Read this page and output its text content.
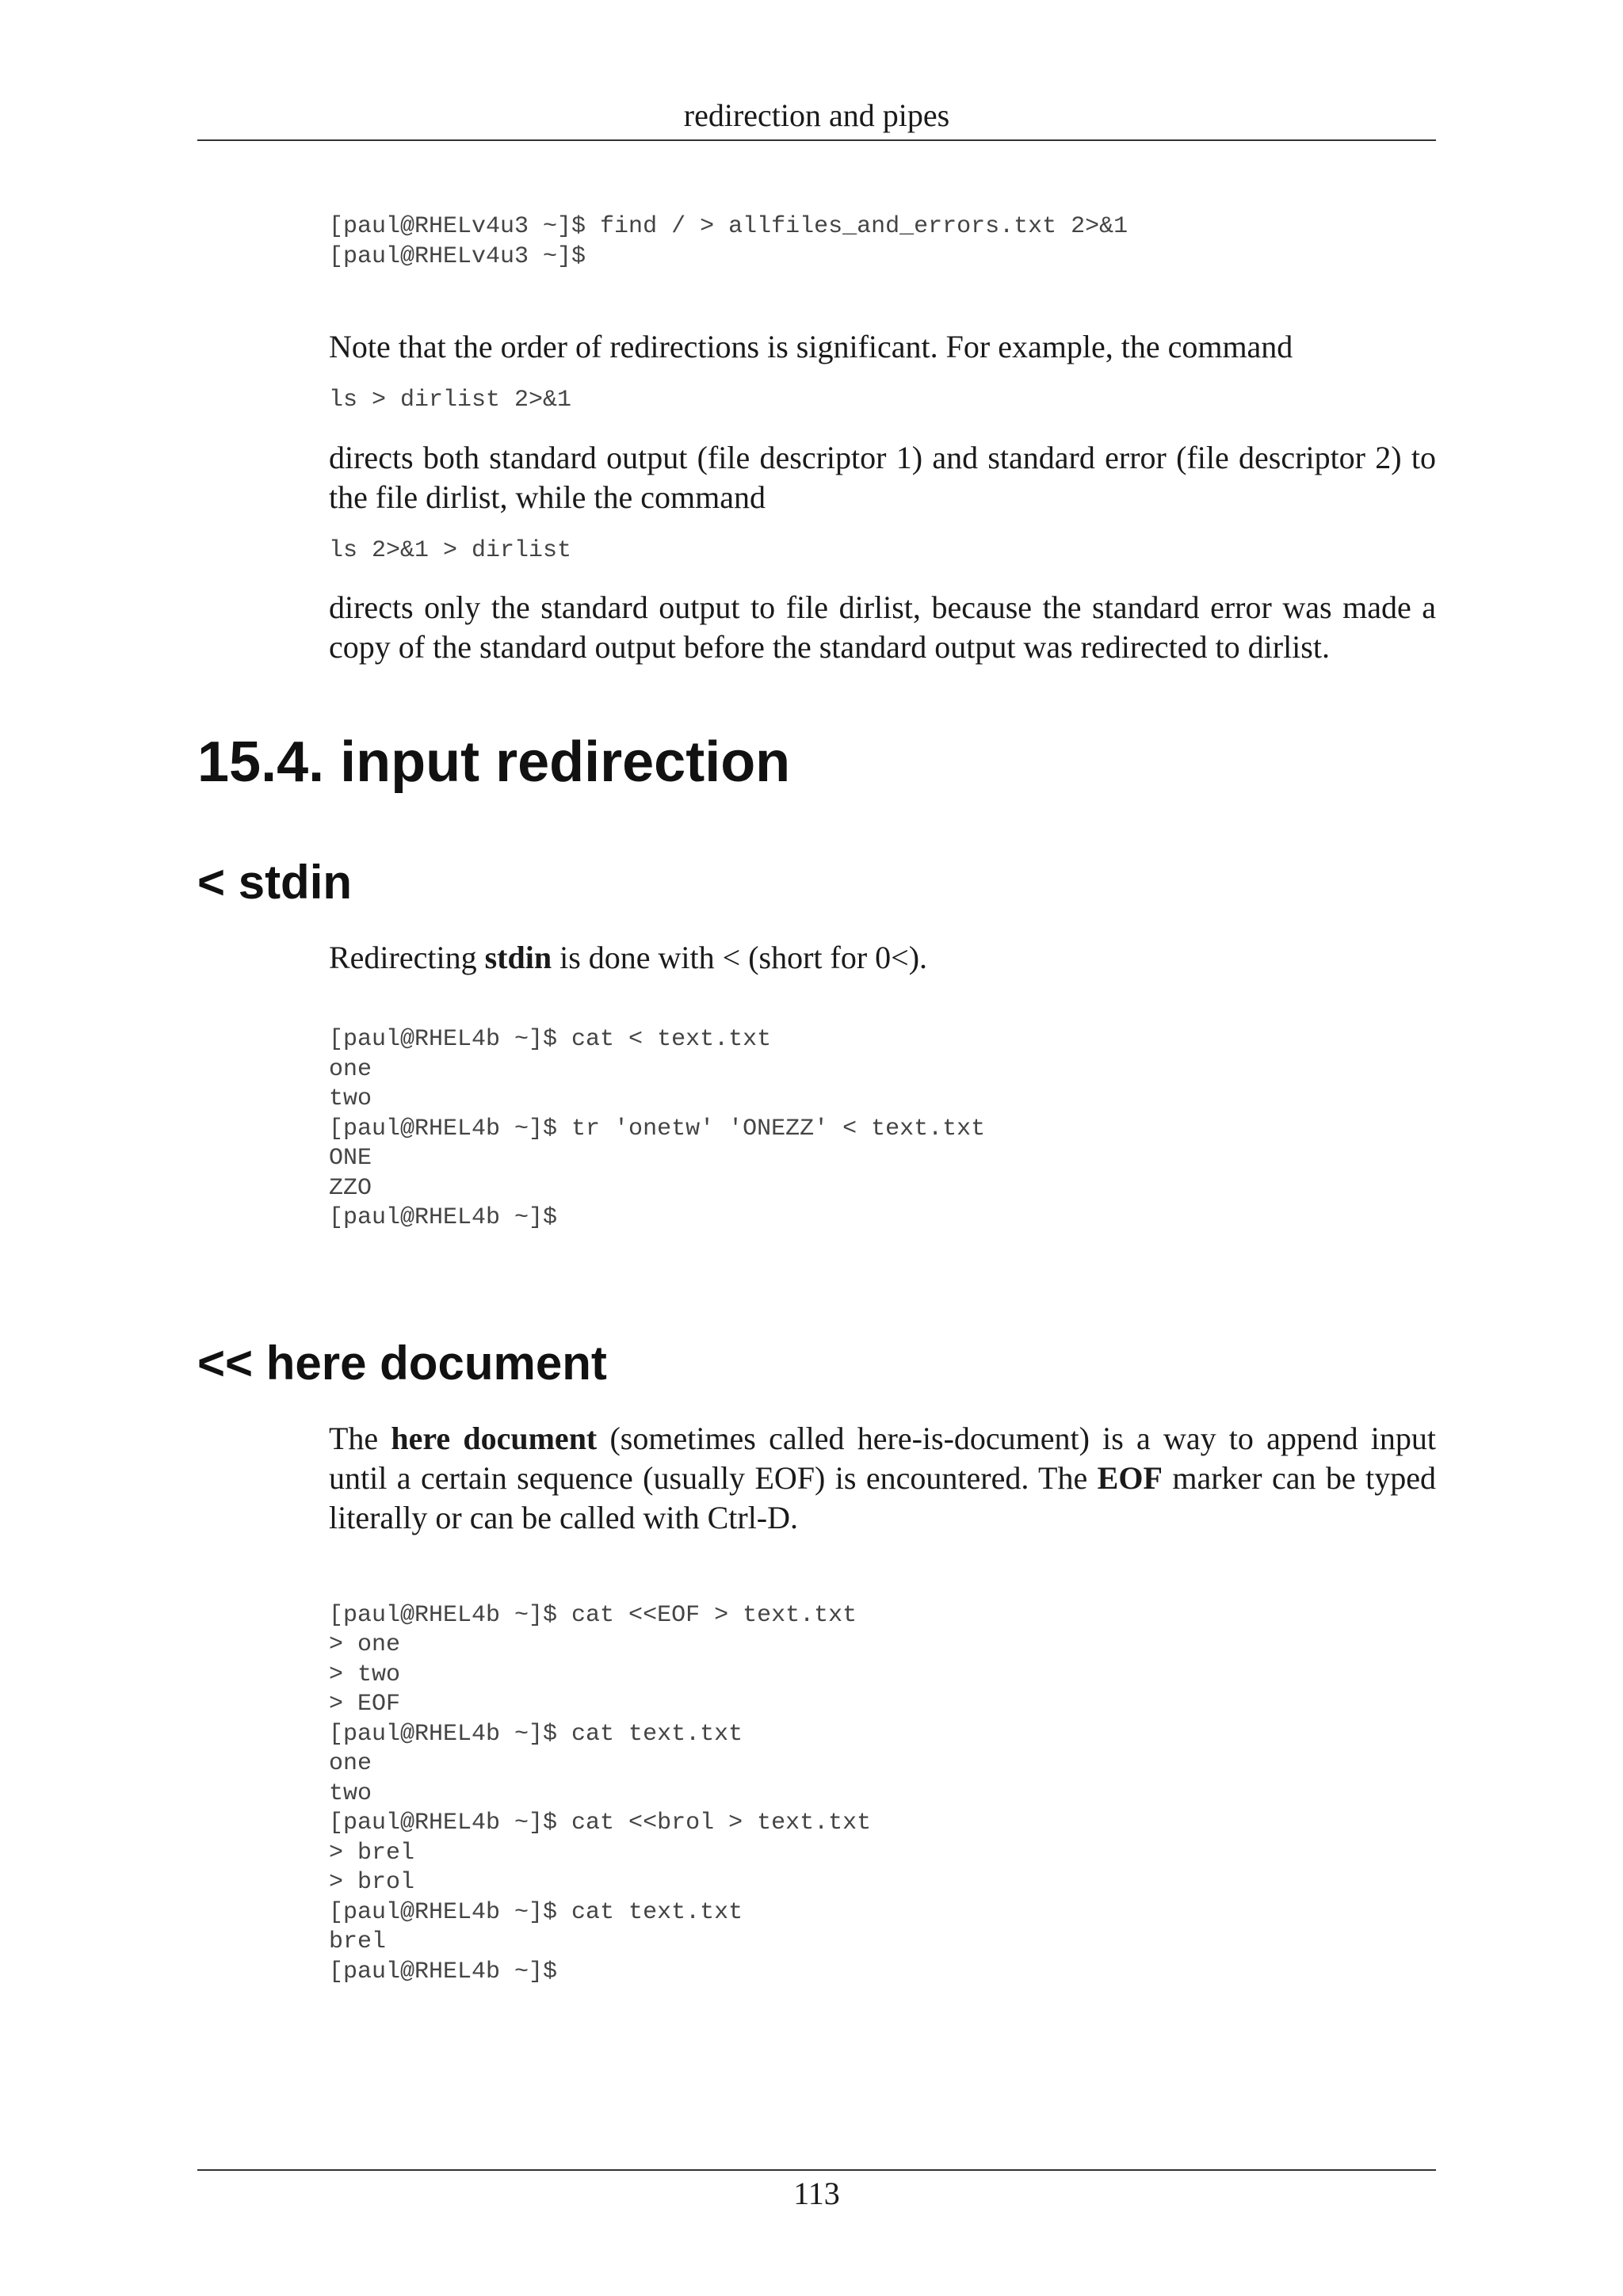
redirection and pipes
[paul@RHELv4u3 ~]$ find / > allfiles_and_errors.txt 2>&1
[paul@RHELv4u3 ~]$

Note that the order of redirections is significant. For example, the command

ls > dirlist 2>&1

directs both standard output (file descriptor 1) and standard error (file descriptor 2) to the file dirlist, while the command

ls 2>&1 > dirlist

directs only the standard output to file dirlist, because the standard error was made a copy of the standard output before the standard output was redirected to dirlist.

15.4. input redirection
< stdin

Redirecting stdin is done with < (short for 0<).

[paul@RHEL4b ~]$ cat < text.txt
one
two
[paul@RHEL4b ~]$ tr 'onetw' 'ONEZZ' < text.txt
ONE
ZZO
[paul@RHEL4b ~]$
<< here document

The here document (sometimes called here-is-document) is a way to append input until a certain sequence (usually EOF) is encountered. The EOF marker can be typed literally or can be called with Ctrl-D.

[paul@RHEL4b ~]$ cat <<EOF > text.txt
> one
> two
> EOF
[paul@RHEL4b ~]$ cat text.txt
one
two
[paul@RHEL4b ~]$ cat <<brol > text.txt
> brel
> brol
[paul@RHEL4b ~]$ cat text.txt
brel
[paul@RHEL4b ~]$
113
